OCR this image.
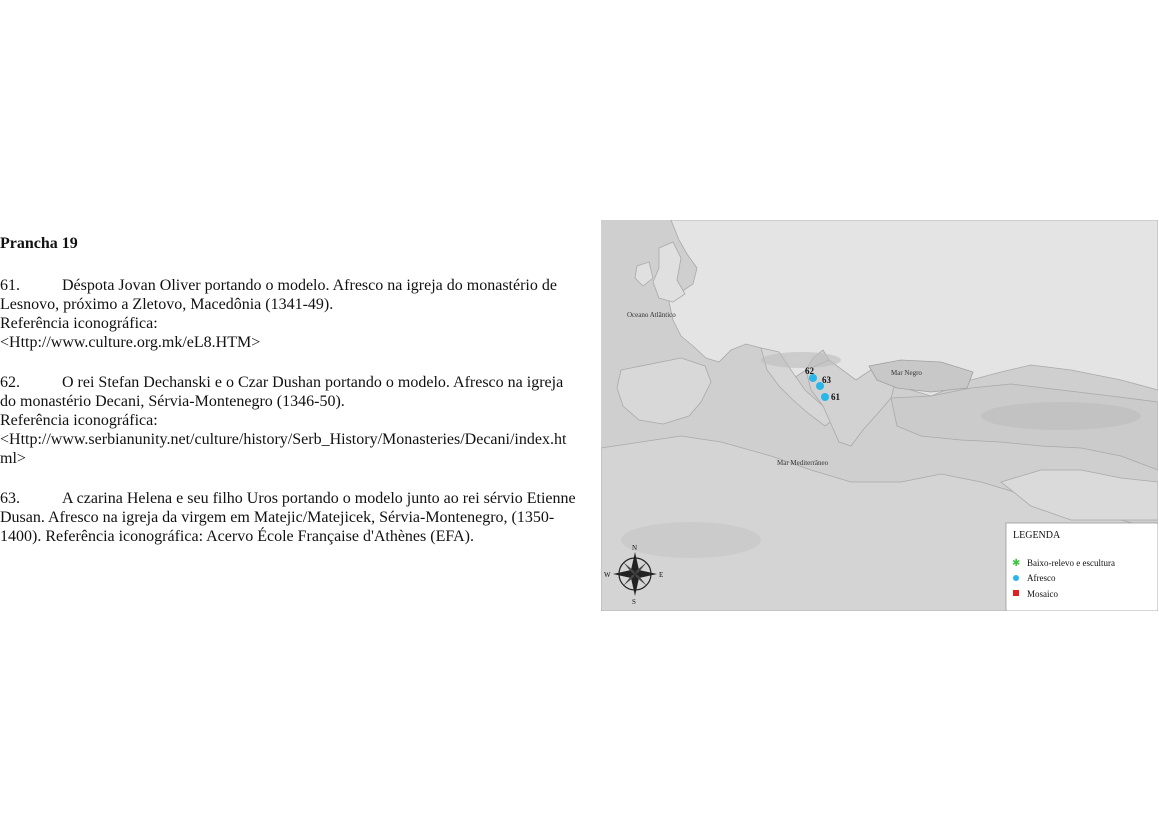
Prancha 19
61.	Déspota Jovan Oliver portando o modelo. Afresco na igreja do monastério de Lesnovo, próximo a Zletovo, Macedônia (1341-49).
Referência iconográfica:
<Http://www.culture.org.mk/eL8.HTM>
62.	O rei Stefan Dechanski e o Czar Dushan portando o modelo. Afresco na igreja do monastério Decani, Sérvia-Montenegro (1346-50).
Referência iconográfica:
<Http://www.serbianunity.net/culture/history/Serb_History/Monasteries/Decani/index.html>
63.	A czarina Helena e seu filho Uros portando o modelo junto ao rei sérvio Etienne Dusan. Afresco na igreja da virgem em Matejic/Matejicek, Sérvia-Montenegro, (1350-1400). Referência iconográfica: Acervo École Française d'Athènes (EFA).
Oceano Atlântico
Mar Negro
Mar Mediterrâneo
62
63
61
N
S
E
W
LEGENDA
✱ Baixo-relevo e escultura
Afresco
Mosaico
